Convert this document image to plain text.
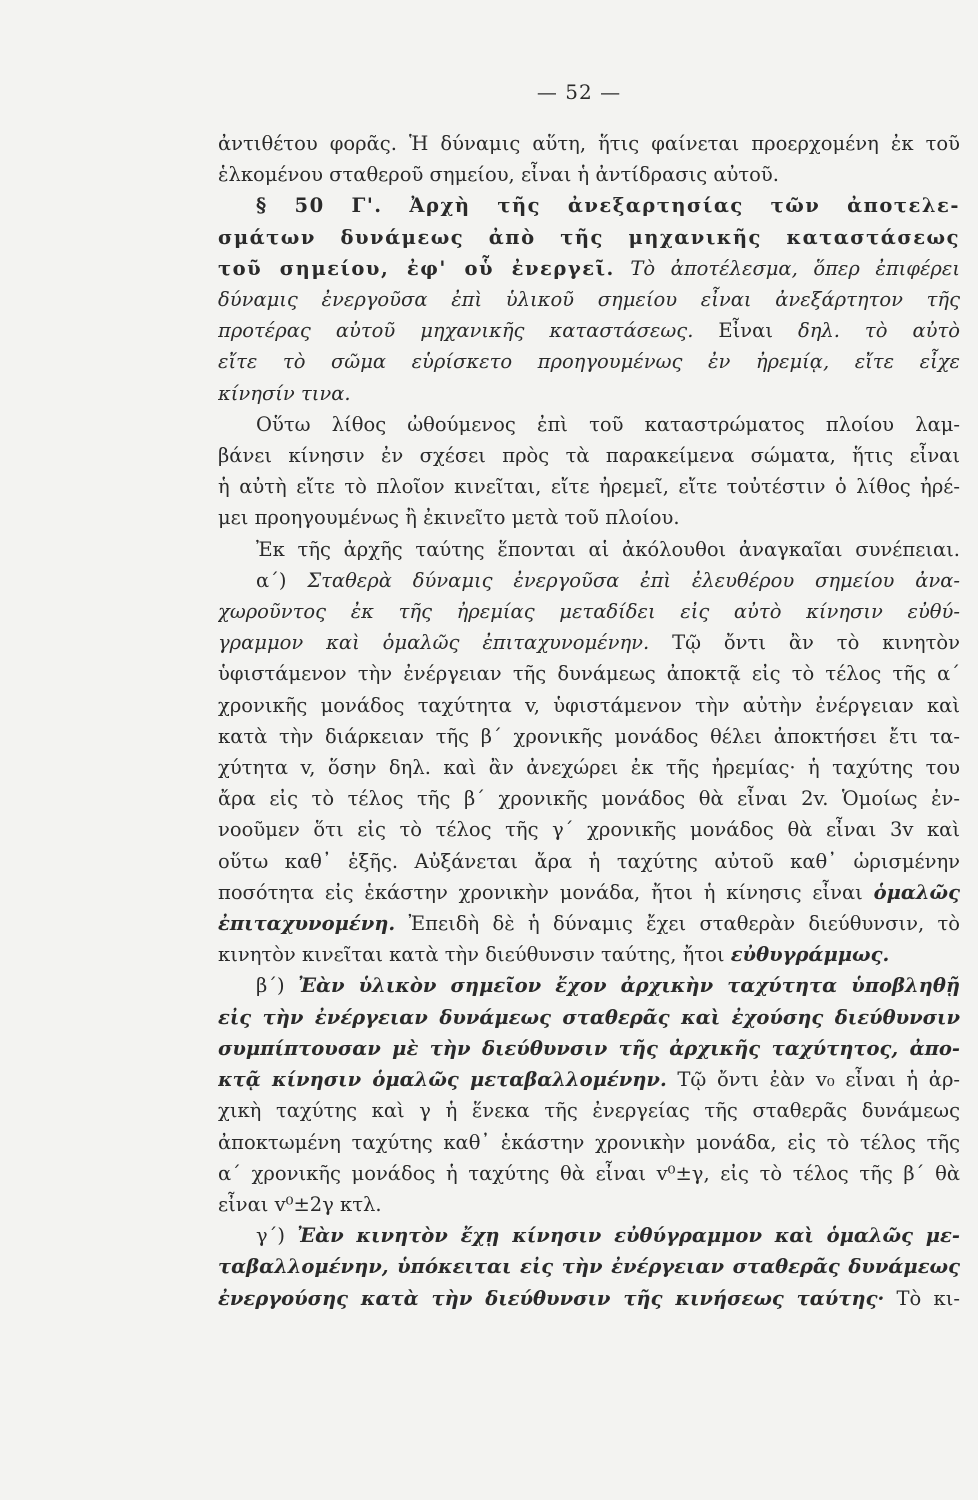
— 52 —
ἀντιθέτου φορᾶς. Ἡ δύναμις αὕτη, ἥτις φαίνεται προερχομένη ἐκ τοῦ
ἑλκομένου σταθεροῦ σημείου, εἶναι ἡ ἀντίδρασις αὐτοῦ.
§ 50 Γ'. Ἀρχὴ τῆς ἀνεξαρτησίας τῶν ἀποτελε-
σμάτων δυνάμεως ἀπὸ τῆς μηχανικῆς καταστάσεως
τοῦ σημείου, ἐφ' οὗ ἐνεργεῖ. Τὸ ἀποτέλεσμα, ὅπερ ἐπιφέρει
δύναμις ἐνεργοῦσα ἐπὶ ὑλικοῦ σημείου εἶναι ἀνεξάρτητον τῆς
προτέρας αὐτοῦ μηχανικῆς καταστάσεως. Εἶναι δηλ. τὸ αὐτὸ
εἴτε τὸ σῶμα εὑρίσκετο προηγουμένως ἐν ἠρεμίᾳ, εἴτε εἶχε
κίνησίν τινα.
Οὕτω λίθος ὠθούμενος ἐπὶ τοῦ καταστρώματος πλοίου λαμ-
βάνει κίνησιν ἐν σχέσει πρὸς τὰ παρακείμενα σώματα, ἥτις εἶναι
ἡ αὐτὴ εἴτε τὸ πλοῖον κινεῖται, εἴτε ἠρεμεῖ, εἴτε τοὐτέστιν ὁ λίθος ἠρέ-
μει προηγουμένως ἢ ἐκινεῖτο μετὰ τοῦ πλοίου.
Ἐκ τῆς ἀρχῆς ταύτης ἕπονται αἱ ἀκόλουθοι ἀναγκαῖαι συνέπειαι.
α΄) Σταθερὰ δύναμις ἐνεργοῦσα ἐπὶ ἐλευθέρου σημείου ἀνα-
χωροῦντος ἐκ τῆς ἠρεμίας μεταδίδει εἰς αὐτὸ κίνησιν εὐθύ-
γραμμον καὶ ὁμαλῶς ἐπιταχυνομένην. Τῷ ὄντι ἂν τὸ κινητὸν
ὑφιστάμενον τὴν ἐνέργειαν τῆς δυνάμεως ἀποκτᾷ εἰς τὸ τέλος τῆς α΄
χρονικῆς μονάδος ταχύτητα v, ὑφιστάμενον τὴν αὐτὴν ἐνέργειαν καὶ
κατὰ τὴν διάρκειαν τῆς β΄ χρονικῆς μονάδος θέλει ἀποκτήσει ἔτι τα-
χύτητα v, ὅσην δηλ. καὶ ἂν ἀνεχώρει ἐκ τῆς ἠρεμίας· ἡ ταχύτης του
ἄρα εἰς τὸ τέλος τῆς β΄ χρονικῆς μονάδος θὰ εἶναι 2v. Ὁμοίως ἐν-
νοοῦμεν ὅτι εἰς τὸ τέλος τῆς γ΄ χρονικῆς μονάδος θὰ εἶναι 3v καὶ
οὕτω καθ᾽ ἑξῆς. Αὐξάνεται ἄρα ἡ ταχύτης αὐτοῦ καθ᾽ ὡρισμένην
ποσότητα εἰς ἑκάστην χρονικὴν μονάδα, ἤτοι ἡ κίνησις εἶναι ὁμαλῶς
ἐπιταχυνομένη. Ἐπειδὴ δὲ ἡ δύναμις ἔχει σταθερὰν διεύθυνσιν, τὸ
κινητὸν κινεῖται κατὰ τὴν διεύθυνσιν ταύτης, ἤτοι εὐθυγράμμως.
β΄) Ἐὰν ὑλικὸν σημεῖον ἔχον ἀρχικὴν ταχύτητα ὑποβληθῇ
εἰς τὴν ἐνέργειαν δυνάμεως σταθερᾶς καὶ ἐχούσης διεύθυνσιν
συμπίπτουσαν μὲ τὴν διεύθυνσιν τῆς ἀρχικῆς ταχύτητος, ἀπο-
κτᾷ κίνησιν ὁμαλῶς μεταβαλλομένην. Τῷ ὄντι ἐὰν v₀ εἶναι ἡ ἀρ-
χικὴ ταχύτης καὶ γ ἡ ἕνεκα τῆς ἐνεργείας τῆς σταθερᾶς δυνάμεως
ἀποκτωμένη ταχύτης καθ᾽ ἑκάστην χρονικὴν μονάδα, εἰς τὸ τέλος τῆς
α΄ χρονικῆς μονάδος ἡ ταχύτης θὰ εἶναι v⁰±γ, εἰς τὸ τέλος τῆς β΄ θὰ
εἶναι v⁰±2γ κτλ.
γ΄) Ἐὰν κινητὸν ἔχῃ κίνησιν εὐθύγραμμον καὶ ὁμαλῶς με-
ταβαλλομένην, ὑπόκειται εἰς τὴν ἐνέργειαν σταθερᾶς δυνάμεως
ἐνεργούσης κατὰ τὴν διεύθυνσιν τῆς κινήσεως ταύτης· Τὸ κι-
